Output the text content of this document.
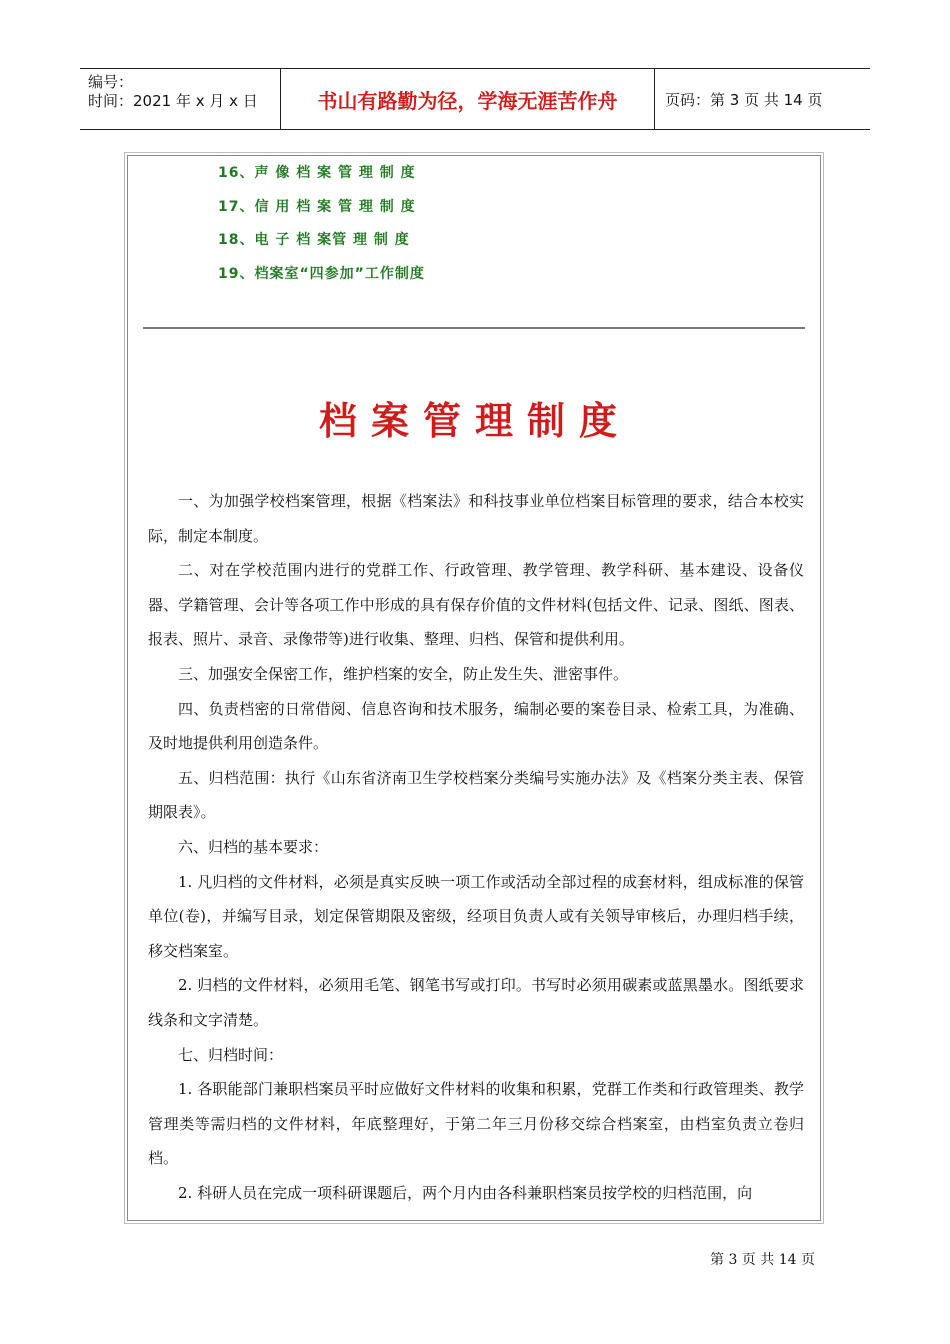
编号：
时间：2021 年 x 月 x 日	书山有路勤为径，学海无涯苦作舟	页码：第 3 页 共 14 页
16、声 像 档 案 管 理 制 度
17、信 用 档 案 管 理 制 度
18、电 子 档 案管 理 制 度
19、档案室“四参加”工作制度
档案管理制度

一、为加强学校档案管理，根据《档案法》和科技事业单位档案目标管理的要求，结合本校实际，制定本制度。

二、对在学校范围内进行的党群工作、行政管理、教学管理、教学科研、基本建设、设备仪器、学籍管理、会计等各项工作中形成的具有保存价值的文件材料(包括文件、记录、图纸、图表、报表、照片、录音、录像带等)进行收集、整理、归档、保管和提供利用。

三、加强安全保密工作，维护档案的安全，防止发生失、泄密事件。

四、负责档密的日常借阅、信息咨询和技术服务，编制必要的案卷目录、检索工具，为准确、及时地提供利用创造条件。

五、归档范围：执行《山东省济南卫生学校档案分类编号实施办法》及《档案分类主表、保管期限表》。

六、归档的基本要求：

1. 凡归档的文件材料，必须是真实反映一项工作或活动全部过程的成套材料，组成标准的保管单位(卷)，并编写目录，划定保管期限及密级，经项目负责人或有关领导审核后，办理归档手续，移交档案室。

2. 归档的文件材料，必须用毛笔、钢笔书写或打印。书写时必须用碳素或蓝黑墨水。图纸要求线条和文字清楚。

七、归档时间：

1. 各职能部门兼职档案员平时应做好文件材料的收集和积累，党群工作类和行政管理类、教学管理类等需归档的文件材料，年底整理好，于第二年三月份移交综合档案室，由档室负责立卷归档。

2. 科研人员在完成一项科研课题后，两个月内由各科兼职档案员按学校的归档范围，向

第 3 页 共 14 页
